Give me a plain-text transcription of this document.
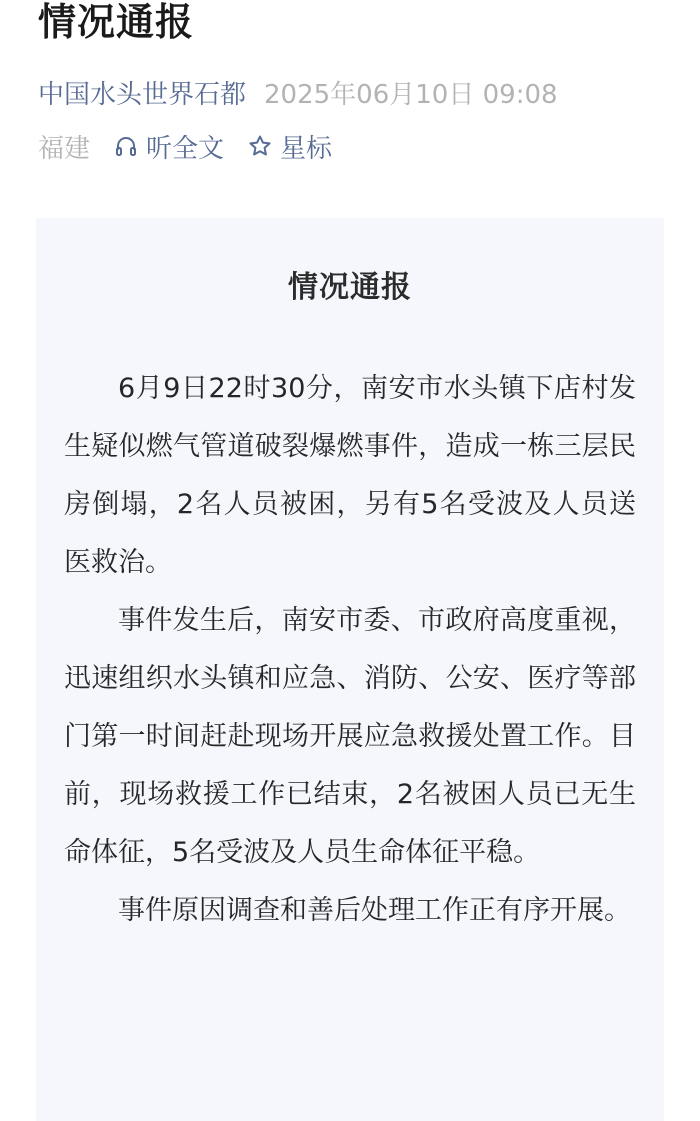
情况通报
中国水头世界石都 2025年06月10日 09:08
福建 听全文 星标
情况通报

6月9日22时30分，南安市水头镇下店村发生疑似燃气管道破裂爆燃事件，造成一栋三层民房倒塌，2名人员被困，另有5名受波及人员送医救治。

事件发生后，南安市委、市政府高度重视，迅速组织水头镇和应急、消防、公安、医疗等部门第一时间赶赴现场开展应急救援处置工作。目前，现场救援工作已结束，2名被困人员已无生命体征，5名受波及人员生命体征平稳。

事件原因调查和善后处理工作正有序开展。
